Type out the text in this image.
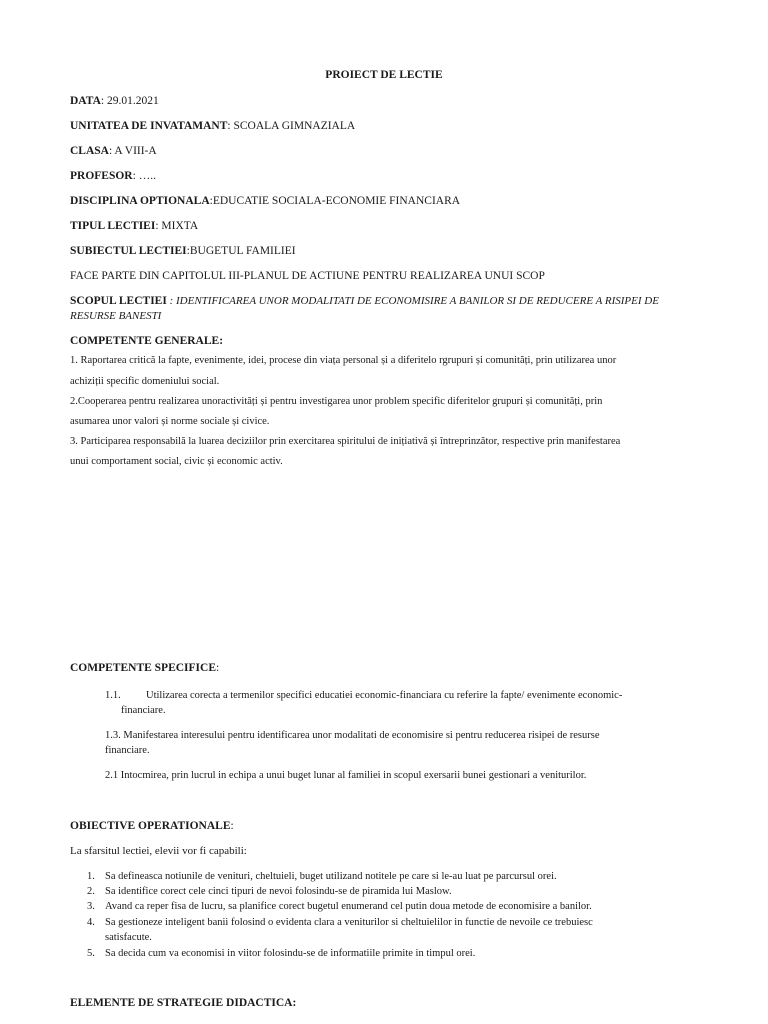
PROIECT DE LECTIE
DATA: 29.01.2021
UNITATEA DE INVATAMANT: SCOALA GIMNAZIALA
CLASA: A VIII-A
PROFESOR: …..
DISCIPLINA OPTIONALA:EDUCATIE SOCIALA-ECONOMIE FINANCIARA
TIPUL LECTIEI: MIXTA
SUBIECTUL LECTIEI:BUGETUL FAMILIEI
FACE PARTE DIN CAPITOLUL III-PLANUL DE ACTIUNE PENTRU REALIZAREA UNUI SCOP
SCOPUL LECTIEI : IDENTIFICAREA UNOR MODALITATI DE ECONOMISIRE A BANILOR SI DE REDUCERE A RISIPEI DE
RESURSE BANESTI
COMPETENTE GENERALE:
1. Raportarea critică la fapte, evenimente, idei, procese din viața personal și a diferitelo rgrupuri și comunități, prin utilizarea unor
achiziții specific domeniului social.
2.Cooperarea pentru realizarea unoractivități și pentru investigarea unor problem specific diferitelor grupuri și comunități, prin
asumarea unor valori și norme sociale și civice.
3. Participarea responsabilă la luarea deciziilor prin exercitarea spiritului de inițiativă și întreprinzător, respective prin manifestarea
unui comportament social, civic și economic activ.
COMPETENTE SPECIFICE:
1.1. Utilizarea corecta a termenilor specifici educatiei economic-financiara cu referire la fapte/ evenimente economic-
financiare.
1.3. Manifestarea interesului pentru identificarea unor modalitati de economisire si pentru reducerea risipei de resurse
financiare.
2.1 Intocmirea, prin lucrul in echipa a unui buget lunar al familiei in scopul exersarii bunei gestionari a veniturilor.
OBIECTIVE OPERATIONALE:
La sfarsitul lectiei, elevii vor fi capabili:
1. Sa defineasca notiunile de venituri, cheltuieli, buget utilizand notitele pe care si le-au luat pe parcursul orei.
2. Sa identifice corect cele cinci tipuri de nevoi folosindu-se de piramida lui Maslow.
3. Avand ca reper fisa de lucru, sa planifice corect bugetul enumerand cel putin doua metode de economisire a banilor.
4. Sa gestioneze inteligent banii folosind o evidenta clara a veniturilor si cheltuielilor in functie de nevoile ce trebuiesc
satisfacute.
5. Sa decida cum va economisi in viitor folosindu-se de informatiile primite in timpul orei.
ELEMENTE DE STRATEGIE DIDACTICA:
